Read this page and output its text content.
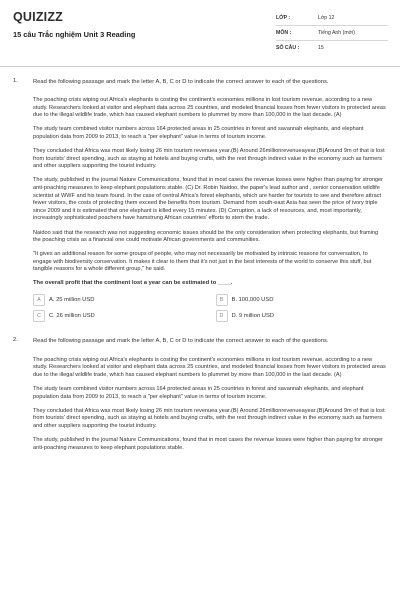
QUIZIZZ
15 câu Trắc nghiệm Unit 3 Reading
LỚP :	Lớp 12
MÔN :	Tiếng Anh (mới)
SỐ CÂU :	15
1.	Read the following passage and mark the letter A, B, C or D to indicate the correct answer to each of the questions.

The poaching crisis wiping out Africa's elephants is costing the continent's economies millions in lost tourism revenue, according to a new study. Researchers looked at visitor and elephant data across 25 countries, and modeled financial losses from fewer visitors in protected areas due to the illegal wildlife trade, which has caused elephant numbers to plummet by more than 100,000 in the last decade. (A)

The study team combined visitor numbers across 164 protected areas in 25 countries in forest and savannah elephants, and elephant population data from 2009 to 2013, to reach a "per elephant" value in terms of tourism income.

They concluded that Africa was most likely losing 26 min tourism revenuea year.(B) Around 26millionrevenueayear.(B)Around 9m of that is lost from tourists' direct spending, such as staying at hotels and buying crafts, with the rest through indirect value in the economy such as farmers and other suppliers supporting the tourist industry.

The study, published in the journal Nature Communications, found that in most cases the revenue losses were higher than paying for stronger anti-poaching measures to keep elephant populations stable. (C) Dr. Robin Naidoo, the paper's lead author and , senior conservation wildlife scientist at WWF and his team found. In the case of central Africa's forest elephants, which are harder for tourists to see and therefore attract fewer visitors, the costs of protecting them exceed the benefits from tourism. Demand from south-east Asia has seen the price of ivory triple since 2009 and it is estimated that one elephant is killed every 15 minutes. (D) Corruption, a lack of resources, and, most importantly, increasingly sophisticated poachers have hamstrung African countries' efforts to stem the trade.

Naidoo said that the research was not suggesting economic issues should be the only consideration when protecting elephants, but framing the poaching crisis as a financial one could motivate African governments and communities.

"It gives an additional reason for some groups of people, who may not necessarily be motivated by intrinsic reasons for conversation, to engage with biodiversity conservation. It makes it clear to them that it's not just in the best interests of the world to conserve this stuff, but tangible reasons for a whole different group," he said.

The overall profit that the continent lost a year can be estimated to ____.
A	A. 25 million USD	B	B. 100,000 USD
C	C. 26 million USD	D	D. 9 million USD
2.	Read the following passage and mark the letter A, B, C or D to indicate the correct answer to each of the questions.

The poaching crisis wiping out Africa's elephants is costing the continent's economies millions in lost tourism revenue, according to a new study. Researchers looked at visitor and elephant data across 25 countries, and modeled financial losses from fewer visitors in protected areas due to the illegal wildlife trade, which has caused elephant numbers to plummet by more than 100,000 in the last decade. (A)

The study team combined visitor numbers across 164 protected areas in 25 countries in forest and savannah elephants, and elephant population data from 2009 to 2013, to reach a "per elephant" value in terms of tourism income.

They concluded that Africa was most likely losing 26 min tourism revenuea year.(B) Around 26millionrevenueayear.(B)Around 9m of that is lost from tourists' direct spending, such as staying at hotels and buying crafts, with the rest through indirect value in the economy such as farmers and other suppliers supporting the tourist industry.

The study, published in the journal Nature Communications, found that in most cases the revenue losses were higher than paying for stronger anti-poaching measures to keep elephant populations stable.
